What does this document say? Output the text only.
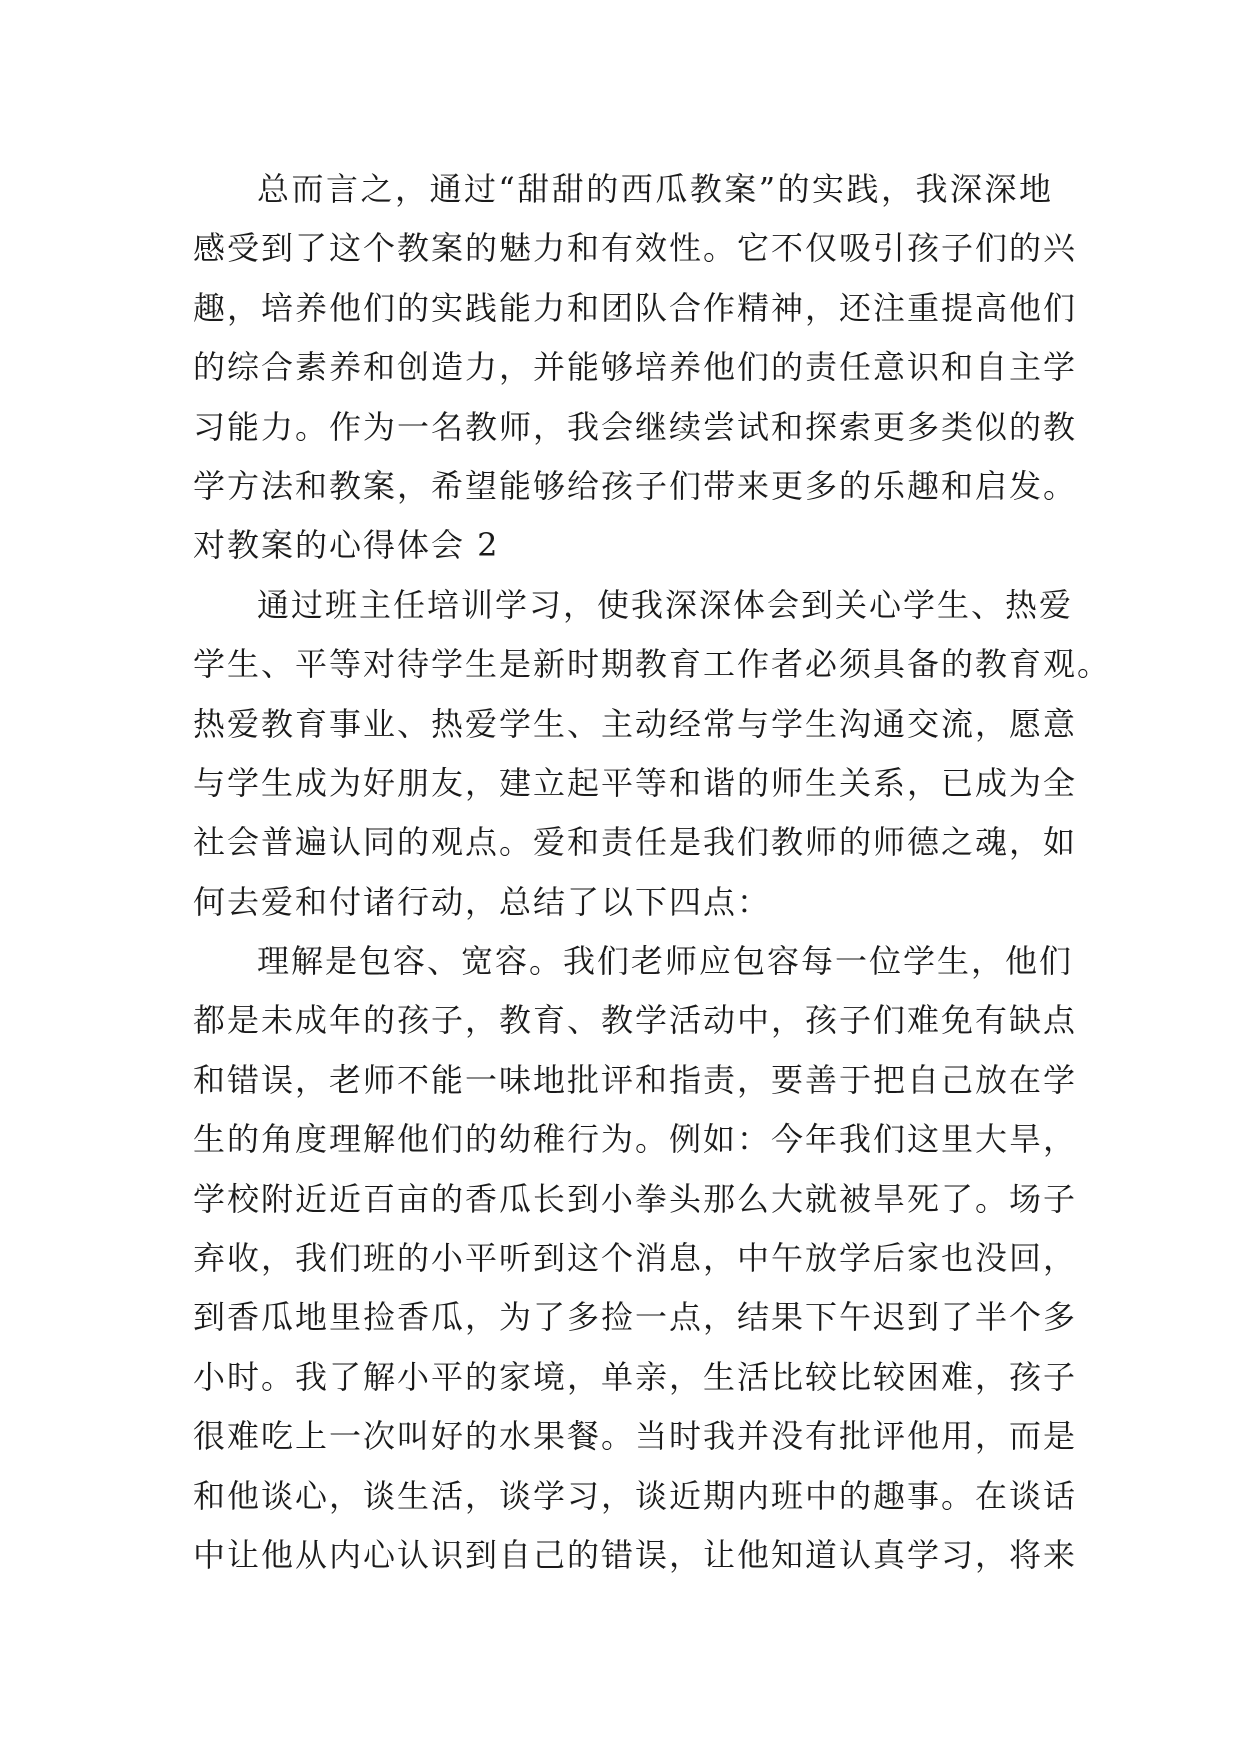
总而言之，通过“甜甜的西瓜教案”的实践，我深深地
感受到了这个教案的魅力和有效性。它不仅吸引孩子们的兴
趣，培养他们的实践能力和团队合作精神，还注重提高他们
的综合素养和创造力，并能够培养他们的责任意识和自主学
习能力。作为一名教师，我会继续尝试和探索更多类似的教
学方法和教案，希望能够给孩子们带来更多的乐趣和启发。
对教案的心得体会 2
通过班主任培训学习，使我深深体会到关心学生、热爱
学生、平等对待学生是新时期教育工作者必须具备的教育观。
热爱教育事业、热爱学生、主动经常与学生沟通交流，愿意
与学生成为好朋友，建立起平等和谐的师生关系，已成为全
社会普遍认同的观点。爱和责任是我们教师的师德之魂，如
何去爱和付诸行动，总结了以下四点：
理解是包容、宽容。我们老师应包容每一位学生，他们
都是未成年的孩子，教育、教学活动中，孩子们难免有缺点
和错误，老师不能一味地批评和指责，要善于把自己放在学
生的角度理解他们的幼稚行为。例如：今年我们这里大旱，
学校附近近百亩的香瓜长到小拳头那么大就被旱死了。场子
弃收，我们班的小平听到这个消息，中午放学后家也没回，
到香瓜地里捡香瓜，为了多捡一点，结果下午迟到了半个多
小时。我了解小平的家境，单亲，生活比较比较困难，孩子
很难吃上一次叫好的水果餐。当时我并没有批评他用，而是
和他谈心，谈生活，谈学习，谈近期内班中的趣事。在谈话
中让他从内心认识到自己的错误，让他知道认真学习，将来
